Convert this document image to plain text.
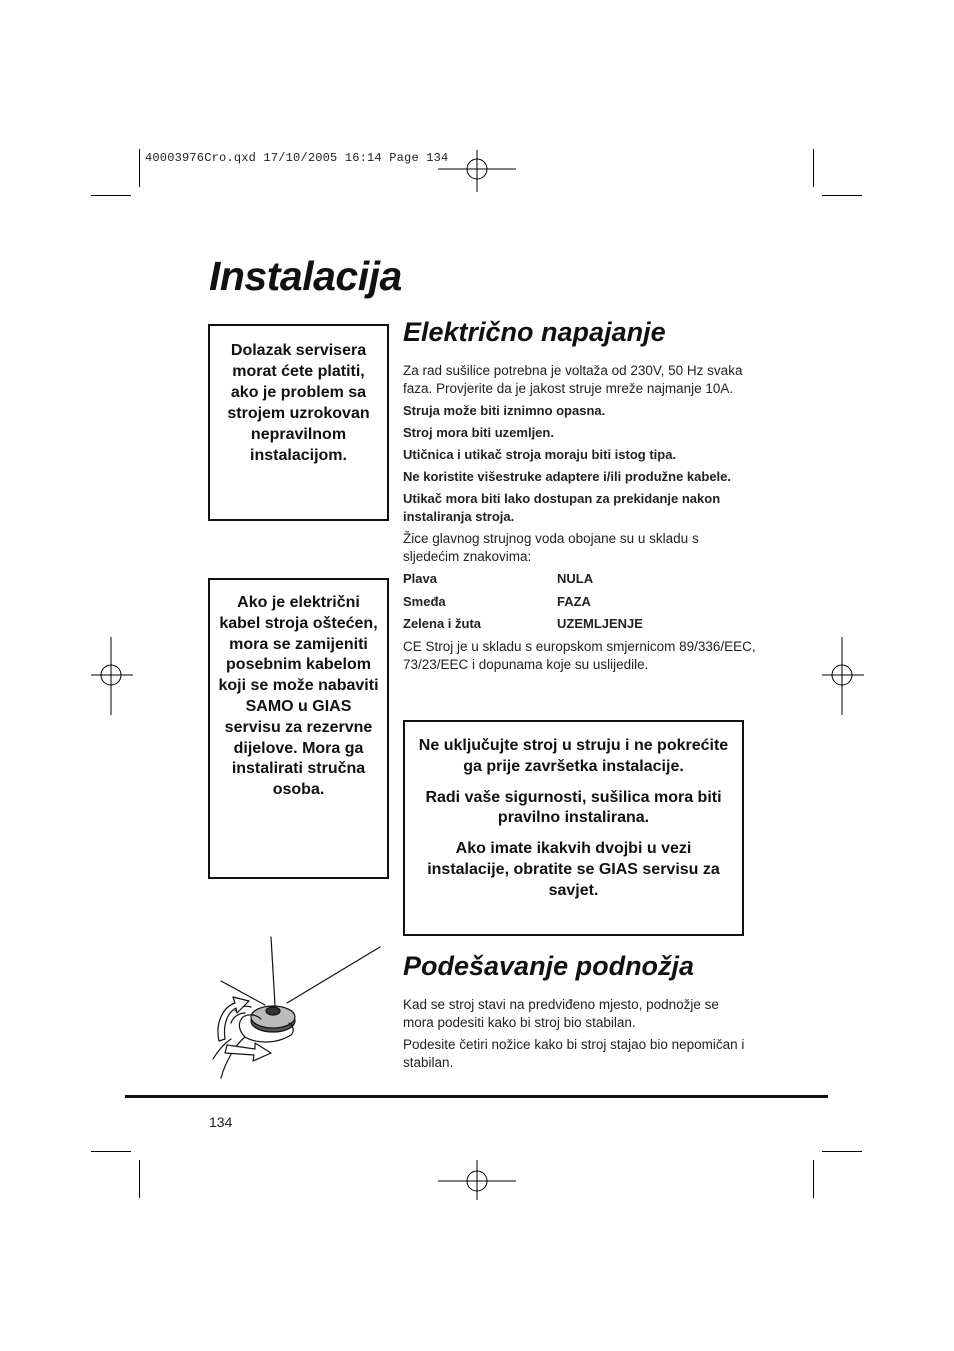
40003976Cro.qxd 17/10/2005 16:14 Page 134
Instalacija

Dolazak servisera morat ćete platiti, ako je problem sa strojem uzrokovan nepravilnom instalacijom.

Ako je električni kabel stroja oštećen, mora se zamijeniti posebnim kabelom koji se može nabaviti SAMO u GIAS servisu za rezervne dijelove. Mora ga instalirati stručna osoba.

Električno napajanje

Za rad sušilice potrebna je voltaža od 230V, 50 Hz svaka faza. Provjerite da je jakost struje mreže najmanje 10A.

Struja može biti iznimno opasna.

Stroj mora biti uzemljen.

Utičnica i utikač stroja moraju biti istog tipa.

Ne koristite višestruke adaptere i/ili produžne kabele.

Utikač mora biti lako dostupan za prekidanje nakon instaliranja stroja.

Žice glavnog strujnog voda obojane su u skladu s sljedećim znakovima:

Plava	NULA
Smeđa	FAZA
Zelena i žuta	UZEMLJENJE

CE Stroj je u skladu s europskom smjernicom 89/336/EEC, 73/23/EEC i dopunama koje su uslijedile.

Ne uključujte stroj u struju i ne pokrećite ga prije završetka instalacije.

Radi vaše sigurnosti, sušilica mora biti pravilno instalirana.

Ako imate ikakvih dvojbi u vezi instalacije, obratite se GIAS servisu za savjet.

Podešavanje podnožja

Kad se stroj stavi na predviđeno mjesto, podnožje se mora podesiti kako bi stroj bio stabilan.

Podesite četiri nožice kako bi stroj stajao bio nepomičan i stabilan.

134
